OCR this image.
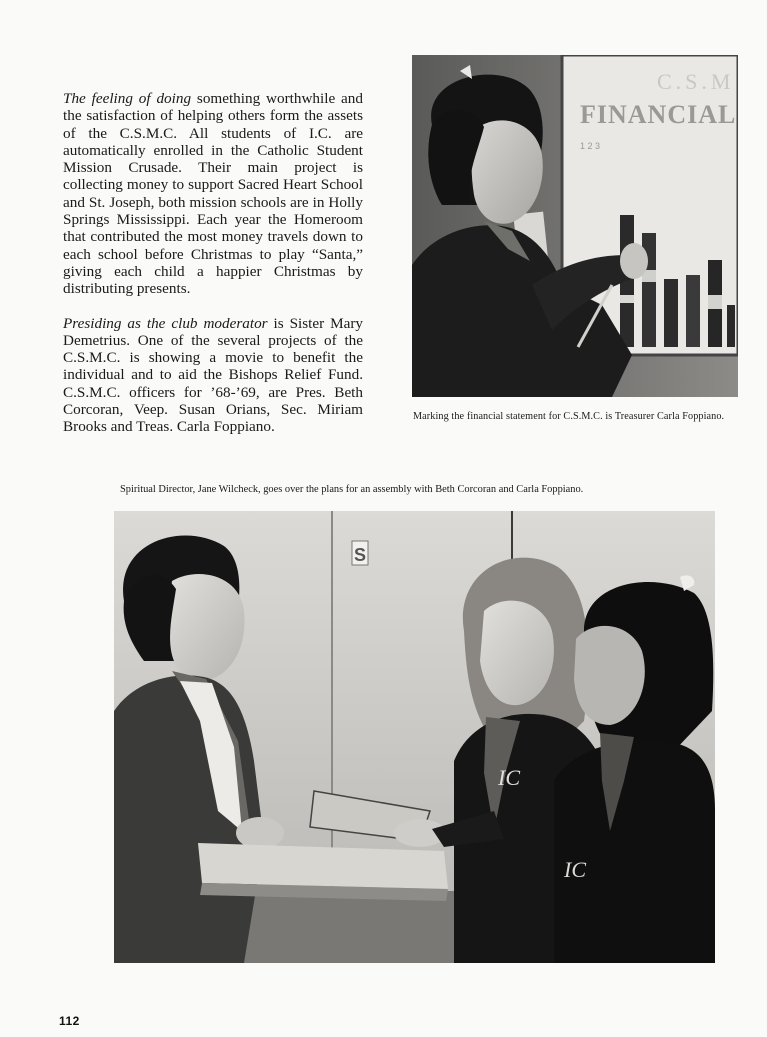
The feeling of doing something worthwhile and the satisfaction of helping others form the assets of the C.S.M.C. All students of I.C. are automatically enrolled in the Catholic Student Mission Crusade. Their main project is collecting money to support Sacred Heart School and St. Joseph, both mission schools are in Holly Springs Mississippi. Each year the Homeroom that contributed the most money travels down to each school before Christmas to play “Santa,” giving each child a happier Christmas by distributing presents.

Presiding as the club moderator is Sister Mary Demetrius. One of the several projects of the C.S.M.C. is showing a movie to benefit the individual and to aid the Bishops Relief Fund. C.S.M.C. officers for ’68-’69, are Pres. Beth Corcoran, Veep. Susan Orians, Sec. Miriam Brooks and Treas. Carla Foppiano.

C.S.M
FINANCIAL
1 2 3
Marking the financial statement for C.S.M.C. is Treasurer Carla Foppiano.
Spiritual Director, Jane Wilcheck, goes over the plans for an assembly with Beth Corcoran and Carla Foppiano.
S
IC
IC
112
